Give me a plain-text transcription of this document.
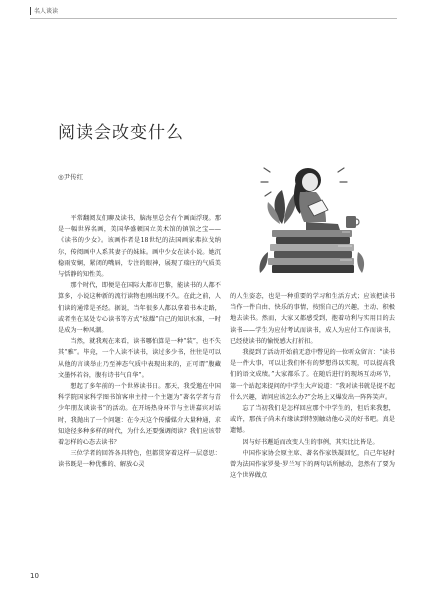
名人谈读
阅读会改变什么
◎尹传红

平常翻阅友们聊及读书，脑海里总会有个画面浮现。那是一幅世界名画，美国华盛顿国立美术馆的镇馆之宝——《读书的少女》。该画作者是18世纪的法国画家弗拉戈纳尔，传阅画中人系其妻子的妹妹。画中少女在读小说。她沉稳雨安娴，紧闭的嘴唇，专注的眼神，展现了瑞庄的气质美与恬静的知性美。

那个时代，即便是在国际大都市巴黎，能读书的人都不算多，小说这种新的流行读物也刚出现不久。在此之前，人们读的通常是圣经。据说，当年很多人都以拿着书本走路，或者坐在某处专心读书等方式“炫耀”自己的知识水准，一时是成为一种风潮。

当然，就我观在来看，读书哪怕算是一种“装”，也不失其“雅”。毕竟，一个人读不读书，读过多少书，往往是可以从他的言谈举止乃至神态气质中表现出来的，正可谓“腹藏文墨怀若谷，腹有诗书气自华”。

想起了多年前的一个世界读书日。那天，我受邀在中国科学院国家科学图书馆客串主持一个主题为“著名学者与青少年朋友谈读书”的活动。在开场热身环节与主讲嘉宾对话时，我抛出了一个问题：在今天这个传播媒介大量种通，求知途径多种多样的时代，为什么还要强调阅读？我们应该带着怎样的心态去读书？

三位学者的回答各具特色，但都贯穿着这样一层意思：读书既是一种优雅的、解放心灵

的人生姿态，也是一种重要的学习和生活方式；应该把读书当作一件自由、快乐的事情，按照自己的兴趣，主动、积极地去读书。然而，大家又都感受到，抱着功利与实用目的去读书——学生为应付考试而读书，成人为应付工作而读书，已经使读书的愉悦感大打折扣。

我提到了活动开始前无意中瞥见的一位听众留言：“读书是一件大事，可以让我们怀有的梦想得以实现，可以提高我们的语文成绩。”大家都乐了。在随后进行的现场互动环节，第一个站起来提问的中学生大声说道：“我对读书就是提不起什么兴趣，请问应该怎么办?”会场上又爆发出一阵阵笑声。

忘了当初我们是怎样回应那个中学生的，但后来我想，或许，那孩子尚未有缘读到特别触动他心灵的好书吧。真是遗憾。

因与好书邂逅而改变人生的事例，其实比比皆是。

中国作家协会原主席、著名作家铁凝回忆，自己年轻时曾为法国作家罗曼·罗兰写下的两句话所撼动，忽然有了要为这个世界做点

10
